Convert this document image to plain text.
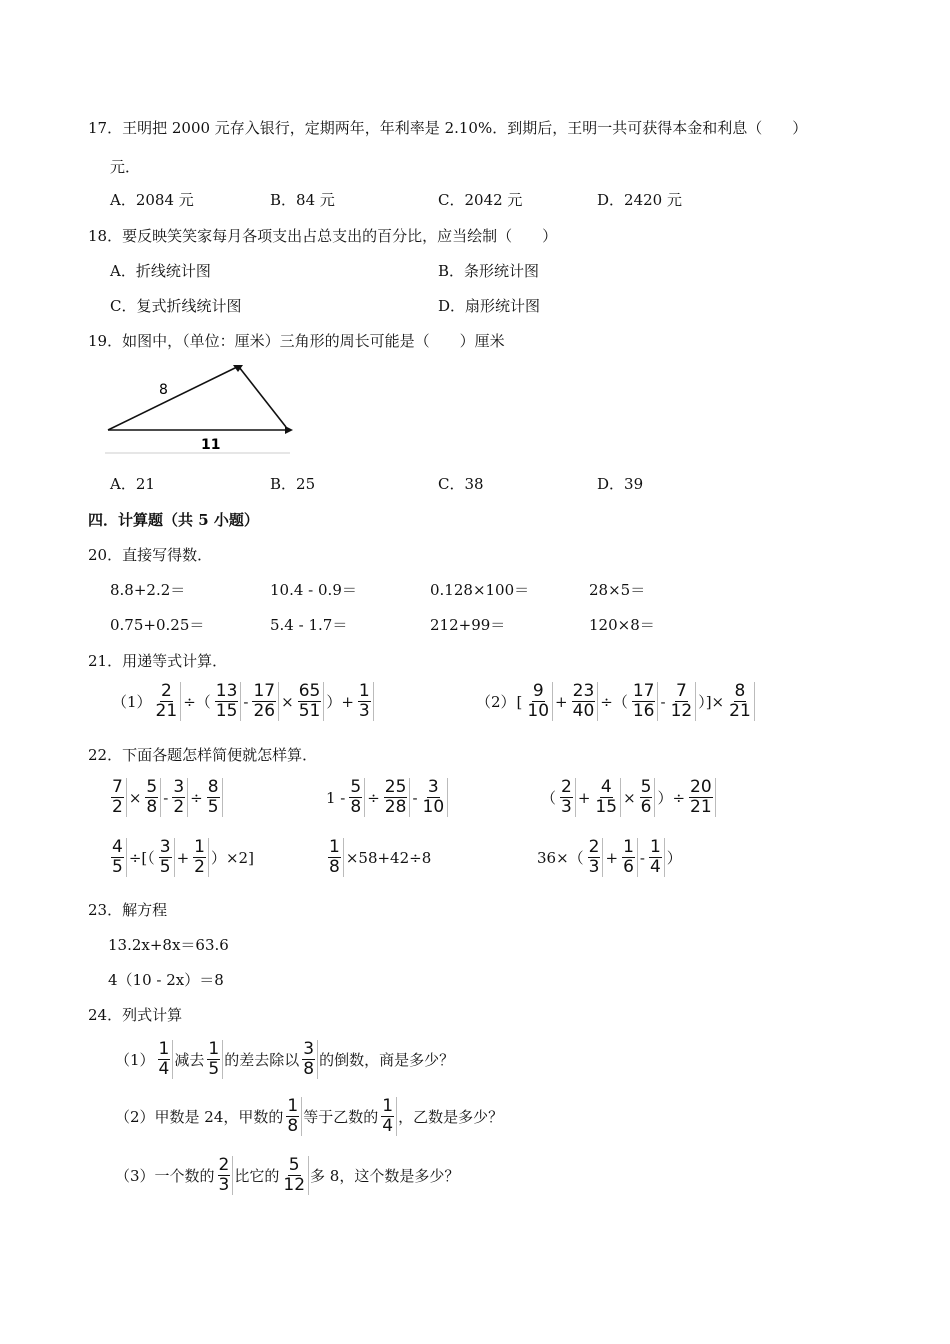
17．王明把 2000 元存入银行，定期两年，年利率是 2.10%．到期后，王明一共可获得本金和利息（　　）
元．
A．2084 元	B．84 元	C．2042 元	D．2420 元
18．要反映笑笑家每月各项支出占总支出的百分比，应当绘制（　　）
A．折线统计图	B．条形统计图
C．复式折线统计图	D．扇形统计图
19．如图中，（单位：厘米）三角形的周长可能是（　　）厘米
8
11
A．21	B．25	C．38	D．39
四．计算题（共 5 小题）
20．直接写得数．
8.8+2.2＝	10.4 - 0.9＝	0.128×100＝	28×5＝
0.75+0.25＝	5.4 - 1.7＝	212+99＝	120×8＝
21．用递等式计算．
$(1) \frac{2}{21}$ ÷（ $\frac{13}{15} - \frac{17}{26} \times \frac{65}{51}$ ）+ $\frac{1}{3}$	（2） [ $\frac{9}{10} + \frac{23}{40}$ ÷（ $\frac{17}{16} - \frac{7}{12}$ ）]× $\frac{8}{21}$
22．下面各题怎样简便就怎样算．
$\frac{7}{2} \times \frac{5}{8} - \frac{3}{2} \div \frac{8}{5}$	$1 - \frac{5}{8} \div \frac{25}{28} - \frac{3}{10}$	（ $\frac{2}{3} + \frac{4}{15} \times \frac{5}{6}$ ）÷ $\frac{20}{21}$
$\frac{4}{5}$ ÷[（ $\frac{3}{5} + \frac{1}{2} )\times 2$]	$\frac{1}{8} \times 58+42\div 8$	$36\times( \frac{2}{3} + \frac{1}{6} - \frac{1}{4}$ ）
23．解方程
13.2x+8x＝63.6
4（10 - 2x）＝8
24．列式计算
$(1) \frac{1}{4}$ 减去 $\frac{1}{5}$ 的差去除以 $\frac{3}{8}$ 的倒数，商是多少？
（2）甲数是 24，甲数的 $\frac{1}{8}$ 等于乙数的 $\frac{1}{4}$ ，乙数是多少？
（3）一个数的 $\frac{2}{3}$ 比它的 $\frac{5}{12}$ 多 8，这个数是多少？
